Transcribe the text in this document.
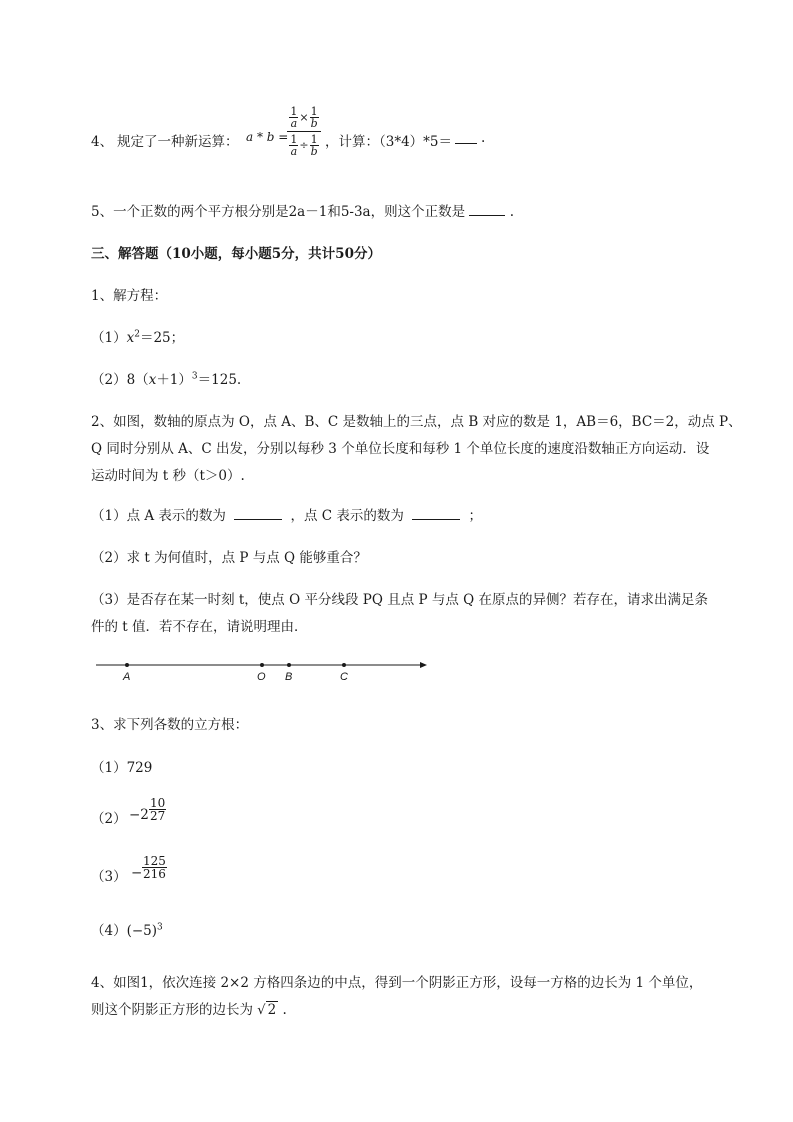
4、 规定了一种新运算： a * b =
$\frac{1}{a} \times \frac{1}{b}$
$\frac{1}{a} \div \frac{1}{b}$ ，计算：（3*4）*5＝ .
5、一个正数的两个平方根分别是2a－1和5-3a，则这个正数是	.
三、解答题（10小题，每小题5分，共计50分）
1、解方程：
$(1)x^2=25$；
$(2)8(x+1)^3=125$.
2、如图，数轴的原点为 O，点 A、B、C 是数轴上的三点，点 B 对应的数是 1，AB＝6，BC＝2，动点 P、
Q 同时分别从 A、C 出发，分别以每秒 3 个单位长度和每秒 1 个单位长度的速度沿数轴正方向运动．设
运动时间为 t 秒（t＞0）.
（1）点 A 表示的数为	，点 C 表示的数为	；
（2）求 t 为何值时，点 P 与点 Q 能够重合？
（3）是否存在某一时刻 t，使点 O 平分线段 PQ 且点 P 与点 Q 在原点的异侧？若存在，请求出满足条
件的 t 值．若不存在，请说明理由．
A	O B	C
3、求下列各数的立方根：
（1）729
$(2) -2 \frac{10}{27}$
$(3) - \frac{125}{216}$
$(4)(-5)^3$
4、如图1，依次连接 2×2 方格四条边的中点，得到一个阴影正方形，设每一方格的边长为 1 个单位，
则这个阴影正方形的边长为 √ 2 .
